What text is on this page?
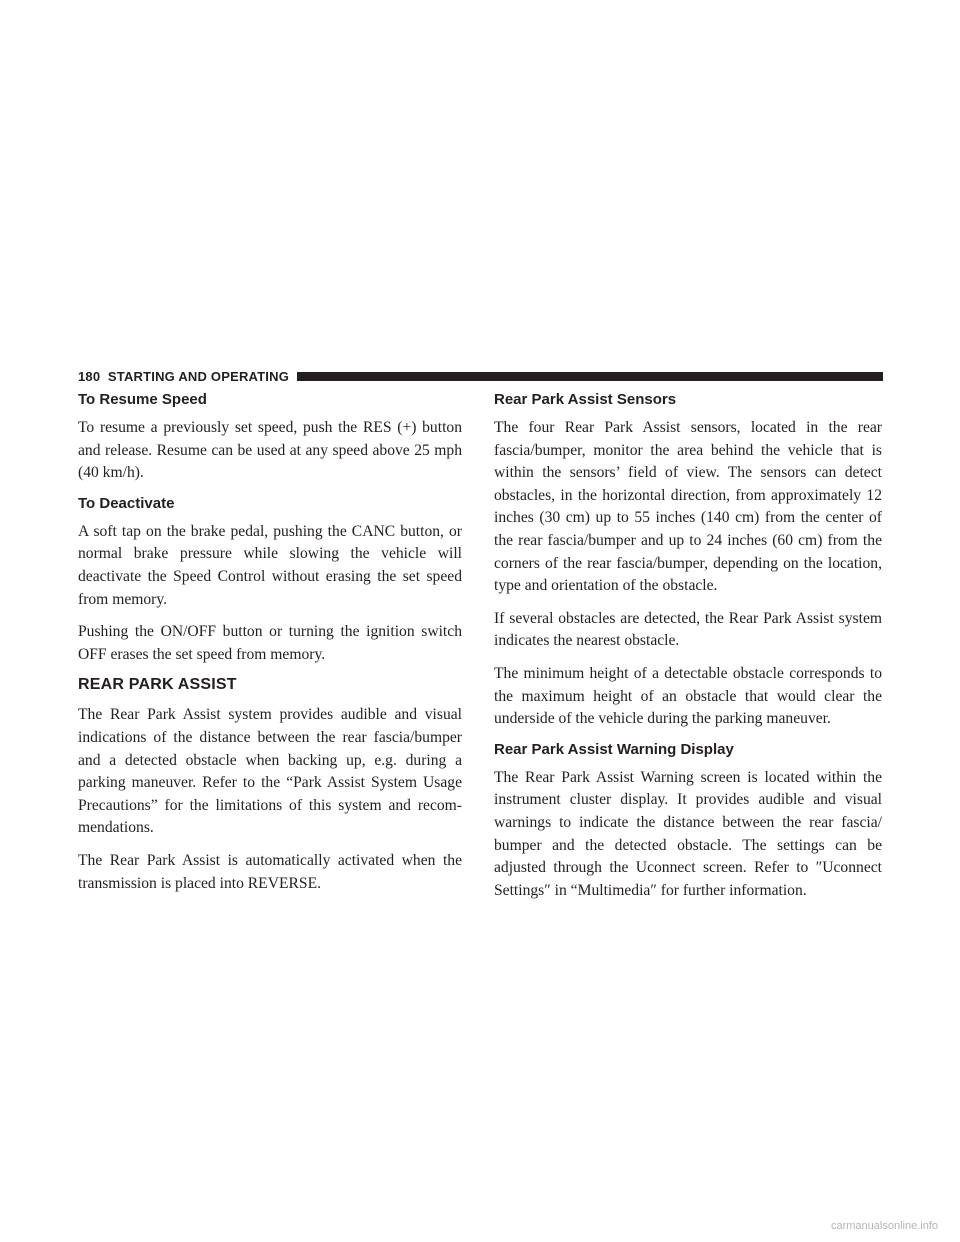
180 STARTING AND OPERATING
To Resume Speed

To resume a previously set speed, push the RES (+) button and release. Resume can be used at any speed above 25 mph (40 km/h).

To Deactivate

A soft tap on the brake pedal, pushing the CANC button, or normal brake pressure while slowing the vehicle will deactivate the Speed Control without erasing the set speed from memory.

Pushing the ON/OFF button or turning the ignition switch OFF erases the set speed from memory.

REAR PARK ASSIST

The Rear Park Assist system provides audible and visual indications of the distance between the rear fascia/bumper and a detected obstacle when backing up, e.g. during a parking maneuver. Refer to the “Park Assist System Usage Precautions” for the limitations of this system and recom-mendations.

The Rear Park Assist is automatically activated when the transmission is placed into REVERSE.

Rear Park Assist Sensors

The four Rear Park Assist sensors, located in the rear fascia/bumper, monitor the area behind the vehicle that is within the sensors’ field of view. The sensors can detect obstacles, in the horizontal direction, from approximately 12 inches (30 cm) up to 55 inches (140 cm) from the center of the rear fascia/bumper and up to 24 inches (60 cm) from the corners of the rear fascia/bumper, depending on the location, type and orientation of the obstacle.

If several obstacles are detected, the Rear Park Assist system indicates the nearest obstacle.

The minimum height of a detectable obstacle corresponds to the maximum height of an obstacle that would clear the underside of the vehicle during the parking maneuver.

Rear Park Assist Warning Display

The Rear Park Assist Warning screen is located within the instrument cluster display. It provides audible and visual warnings to indicate the distance between the rear fascia/ bumper and the detected obstacle. The settings can be adjusted through the Uconnect screen. Refer to ″Uconnect Settings″ in “Multimedia″ for further information.

carmanualsonline.info
